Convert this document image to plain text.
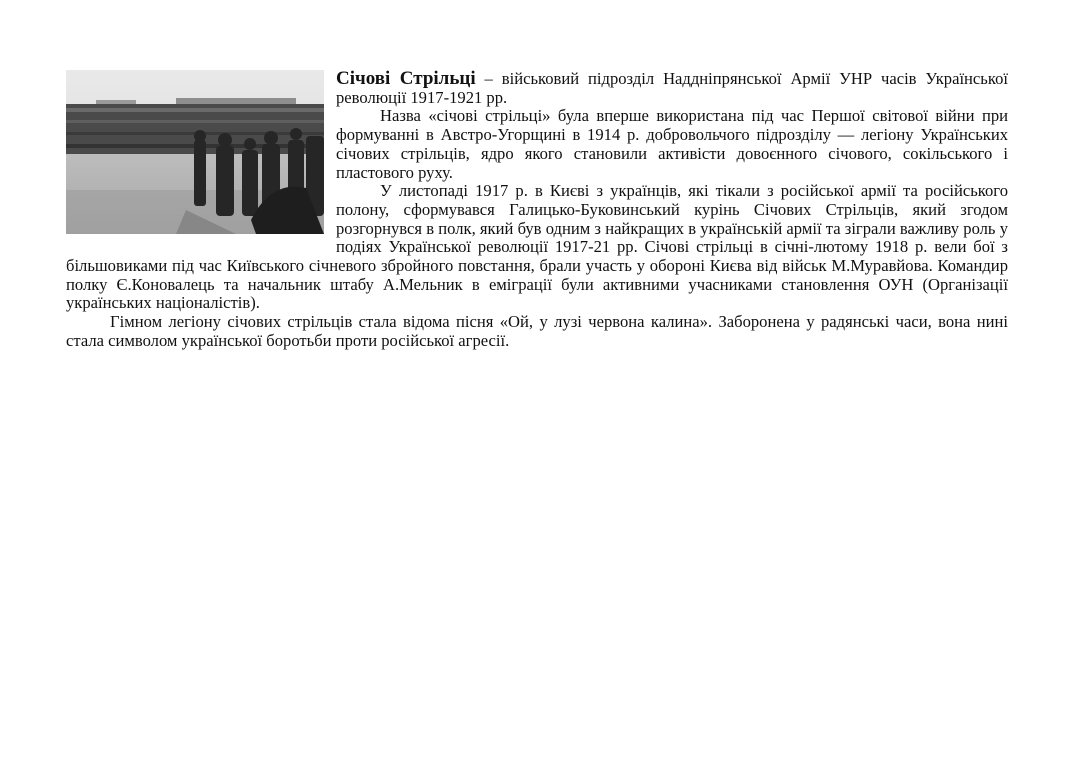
Січові Стрільці – військовий підрозділ Наддніпрянської Армії УНР часів Української революції 1917-1921 рр.

Назва «січові стрільці» була вперше використана під час Першої світової війни при формуванні в Австро-Угорщині в 1914 р. добровольчого підрозділу — легіону Українських січових стрільців, ядро якого становили активісти довоєнного січового, сокільського і пластового руху.

У листопаді 1917 р. в Києві з українців, які тікали з російської армії та російського полону, сформувався Галицько-Буковинський курінь Січових Стрільців, який згодом розгорнувся в полк, який був одним з найкращих в українській армії та зіграли важливу роль у подіях Української революції 1917-21 рр. Січові стрільці в січні-лютому 1918 р. вели бої з більшовиками під час Київського січневого збройного повстання, брали участь у обороні Києва від військ М.Муравйова. Командир полку Є.Коновалець та начальник штабу А.Мельник в еміграції були активними учасниками становлення ОУН (Організації українських націоналістів).

Гімном легіону січових стрільців стала відома пісня «Ой, у лузі червона калина». Заборонена у радянські часи, вона нині стала символом української боротьби проти російської агресії.
